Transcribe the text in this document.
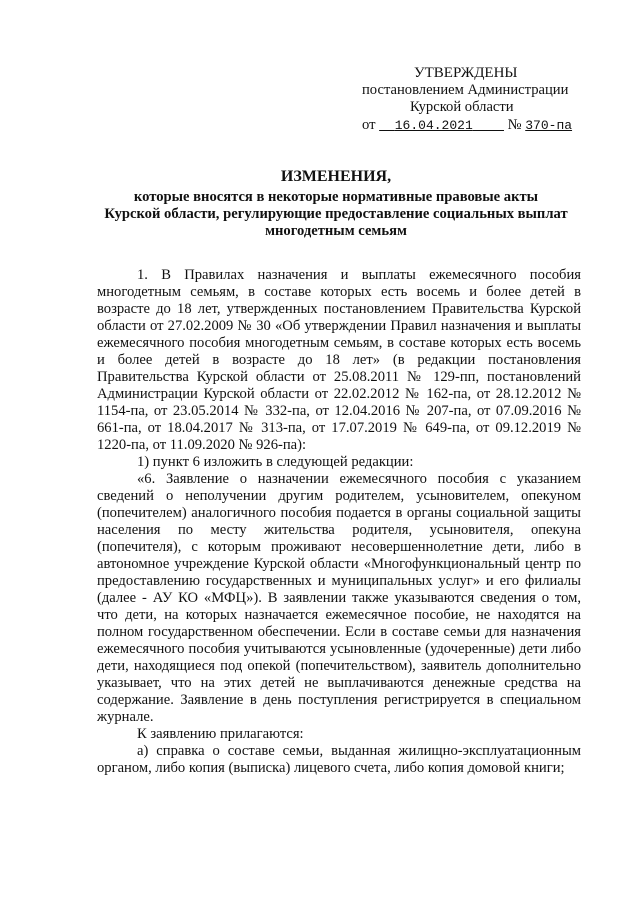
УТВЕРЖДЕНЫ
постановлением Администрации
Курской области
от 16.04.2021 № 370-па
ИЗМЕНЕНИЯ,
которые вносятся в некоторые нормативные правовые акты
Курской области, регулирующие предоставление социальных выплат
многодетным семьям

1. В Правилах назначения и выплаты ежемесячного пособия многодетным семьям, в составе которых есть восемь и более детей в возрасте до 18 лет, утвержденных постановлением Правительства Курской области от 27.02.2009 № 30 «Об утверждении Правил назначения и выплаты ежемесячного пособия многодетным семьям, в составе которых есть восемь и более детей в возрасте до 18 лет» (в редакции постановления Правительства Курской области от 25.08.2011 № 129-пп, постановлений Администрации Курской области от 22.02.2012 № 162-па, от 28.12.2012 № 1154-па, от 23.05.2014 № 332-па, от 12.04.2016 № 207-па, от 07.09.2016 № 661-па, от 18.04.2017 № 313-па, от 17.07.2019 № 649-па, от 09.12.2019 № 1220-па, от 11.09.2020 № 926-па):

1) пункт 6 изложить в следующей редакции:

«6. Заявление о назначении ежемесячного пособия с указанием сведений о неполучении другим родителем, усыновителем, опекуном (попечителем) аналогичного пособия подается в органы социальной защиты населения по месту жительства родителя, усыновителя, опекуна (попечителя), с которым проживают несовершеннолетние дети, либо в автономное учреждение Курской области «Многофункциональный центр по предоставлению государственных и муниципальных услуг» и его филиалы (далее - АУ КО «МФЦ»). В заявлении также указываются сведения о том, что дети, на которых назначается ежемесячное пособие, не находятся на полном государственном обеспечении. Если в составе семьи для назначения ежемесячного пособия учитываются усыновленные (удочеренные) дети либо дети, находящиеся под опекой (попечительством), заявитель дополнительно указывает, что на этих детей не выплачиваются денежные средства на содержание. Заявление в день поступления регистрируется в специальном журнале.

К заявлению прилагаются:

а) справка о составе семьи, выданная жилищно-эксплуатационным органом, либо копия (выписка) лицевого счета, либо копия домовой книги;
